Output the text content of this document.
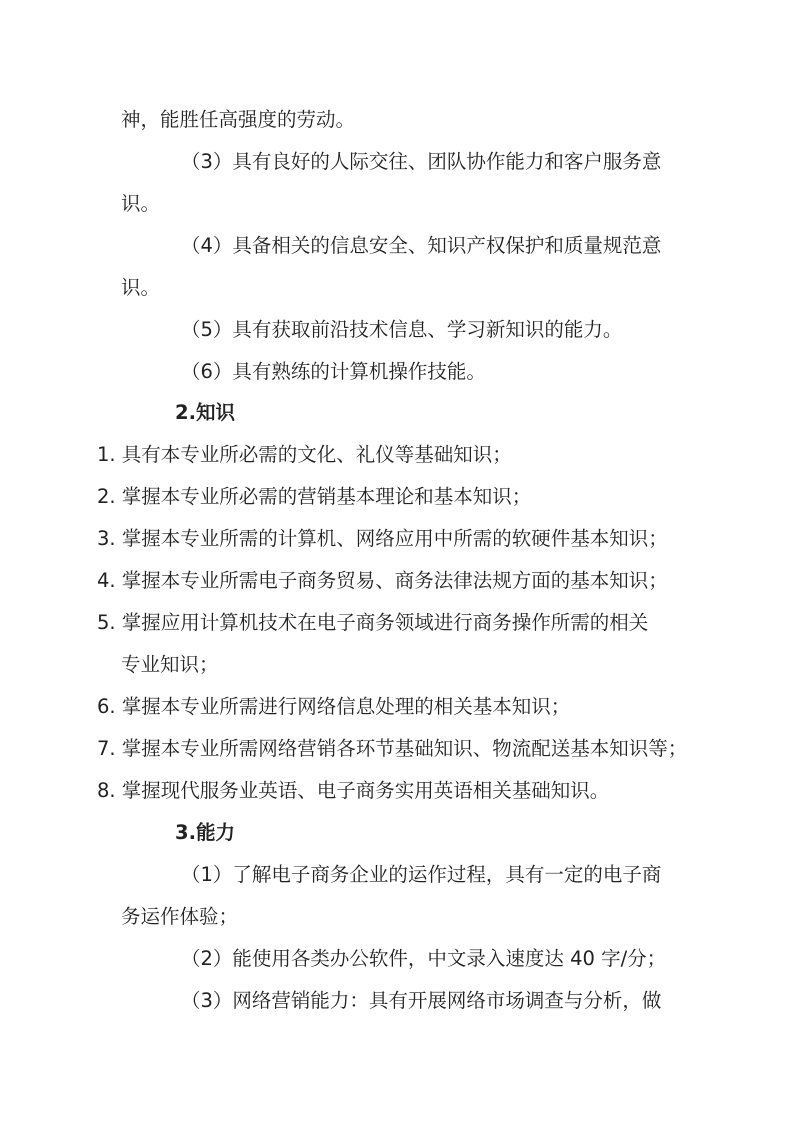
神，能胜任高强度的劳动。
（3）具有良好的人际交往、团队协作能力和客户服务意
识。
（4）具备相关的信息安全、知识产权保护和质量规范意
识。
（5）具有获取前沿技术信息、学习新知识的能力。
（6）具有熟练的计算机操作技能。
2.知识
1. 具有本专业所必需的文化、礼仪等基础知识；
2. 掌握本专业所必需的营销基本理论和基本知识；
3. 掌握本专业所需的计算机、网络应用中所需的软硬件基本知识；
4. 掌握本专业所需电子商务贸易、商务法律法规方面的基本知识；
5. 掌握应用计算机技术在电子商务领域进行商务操作所需的相关
专业知识；
6. 掌握本专业所需进行网络信息处理的相关基本知识；
7. 掌握本专业所需网络营销各环节基础知识、物流配送基本知识等；
8. 掌握现代服务业英语、电子商务实用英语相关基础知识。
3.能力
（1）了解电子商务企业的运作过程，具有一定的电子商
务运作体验；
（2）能使用各类办公软件，中文录入速度达 40 字/分；
（3）网络营销能力：具有开展网络市场调查与分析，做
